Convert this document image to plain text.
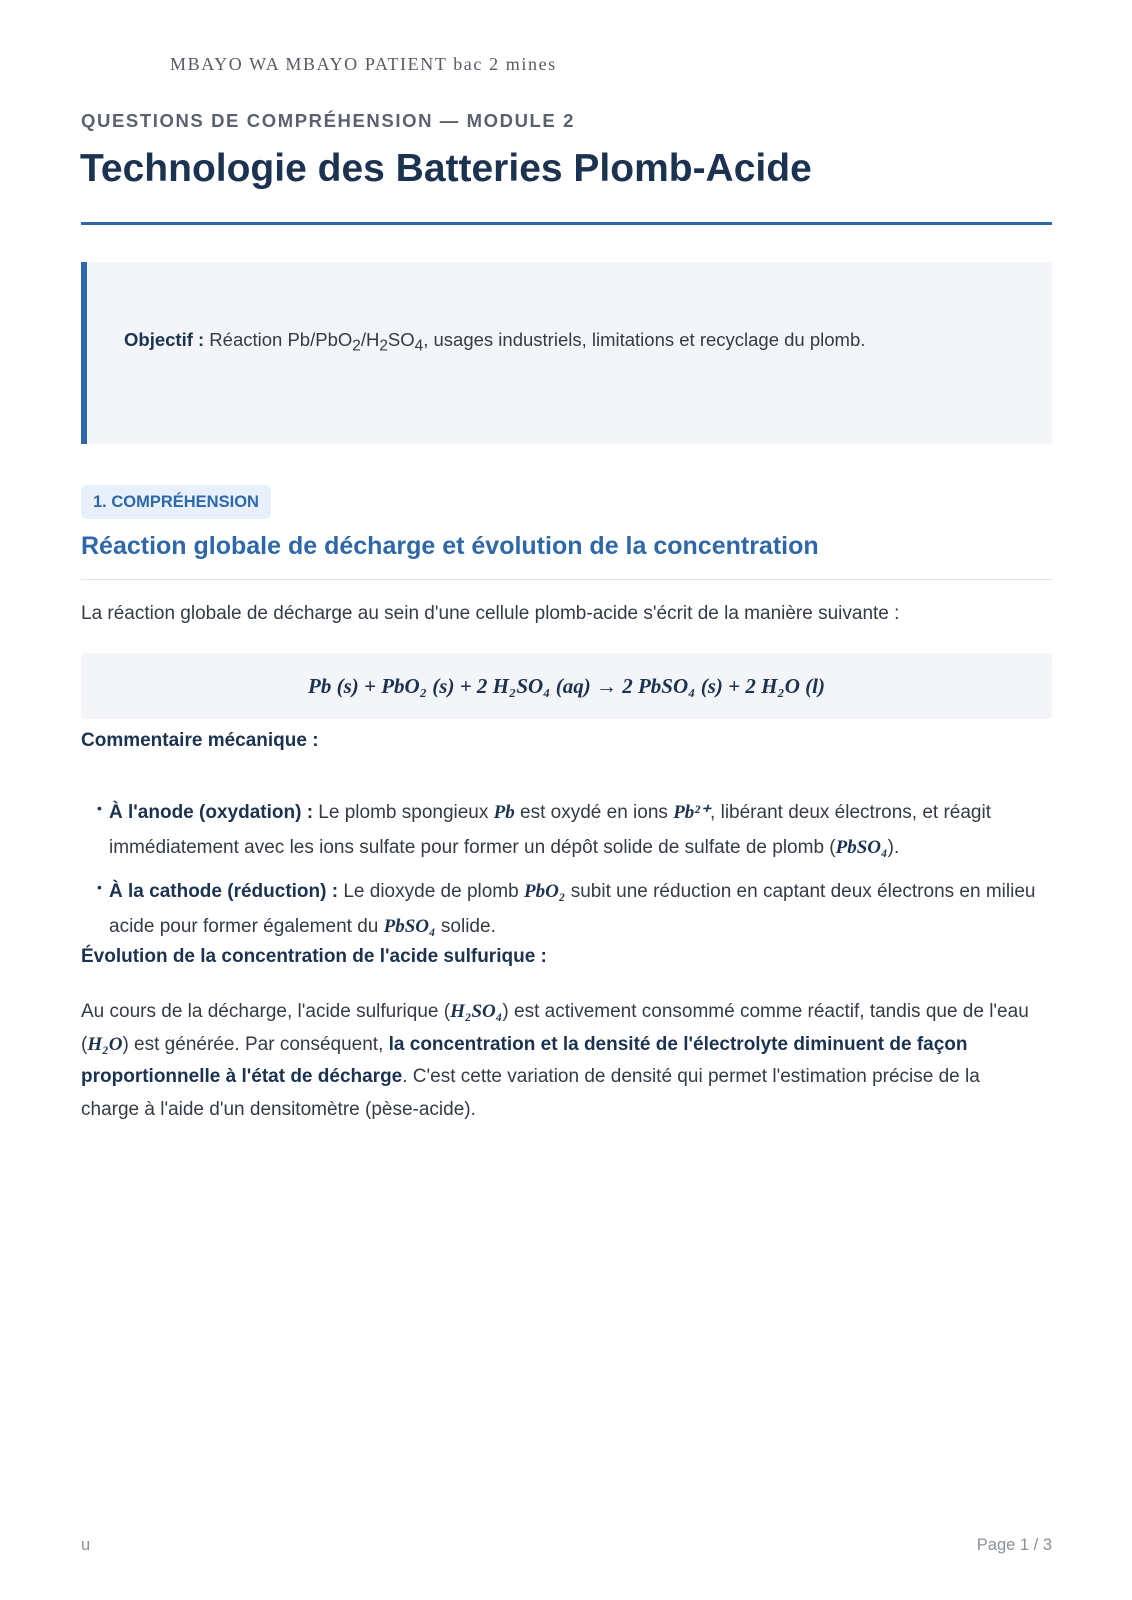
MBAYO WA MBAYO PATIENT bac 2 mines
QUESTIONS DE COMPRÉHENSION — MODULE 2
Technologie des Batteries Plomb-Acide

Objectif : Réaction $Pb/PbO_2/H_2SO_4$, usages industriels, limitations et recyclage du plomb.

1. COMPRÉHENSION
Réaction globale de décharge et évolution de la concentration

La réaction globale de décharge au sein d'une cellule plomb-acide s'écrit de la manière suivante :

Pb (s) + PbO₂ (s) + 2 H₂SO₄ (aq) → 2 PbSO₄ (s) + 2 H₂O (l)

Commentaire mécanique :

• À l'anode (oxydation) : Le plomb spongieux Pb est oxydé en ions Pb²⁺, libérant deux électrons, et réagit immédiatement avec les ions sulfate pour former un dépôt solide de sulfate de plomb (PbSO₄).
• À la cathode (réduction) : Le dioxyde de plomb PbO₂ subit une réduction en captant deux électrons en milieu acide pour former également du PbSO₄ solide.

Évolution de la concentration de l'acide sulfurique :

Au cours de la décharge, l'acide sulfurique (H₂SO₄) est activement consommé comme réactif, tandis que de l'eau (H₂O) est générée. Par conséquent, la concentration et la densité de l'électrolyte diminuent de façon proportionnelle à l'état de décharge. C'est cette variation de densité qui permet l'estimation précise de la charge à l'aide d'un densitomètre (pèse-acide).

u	Page 1 / 3
